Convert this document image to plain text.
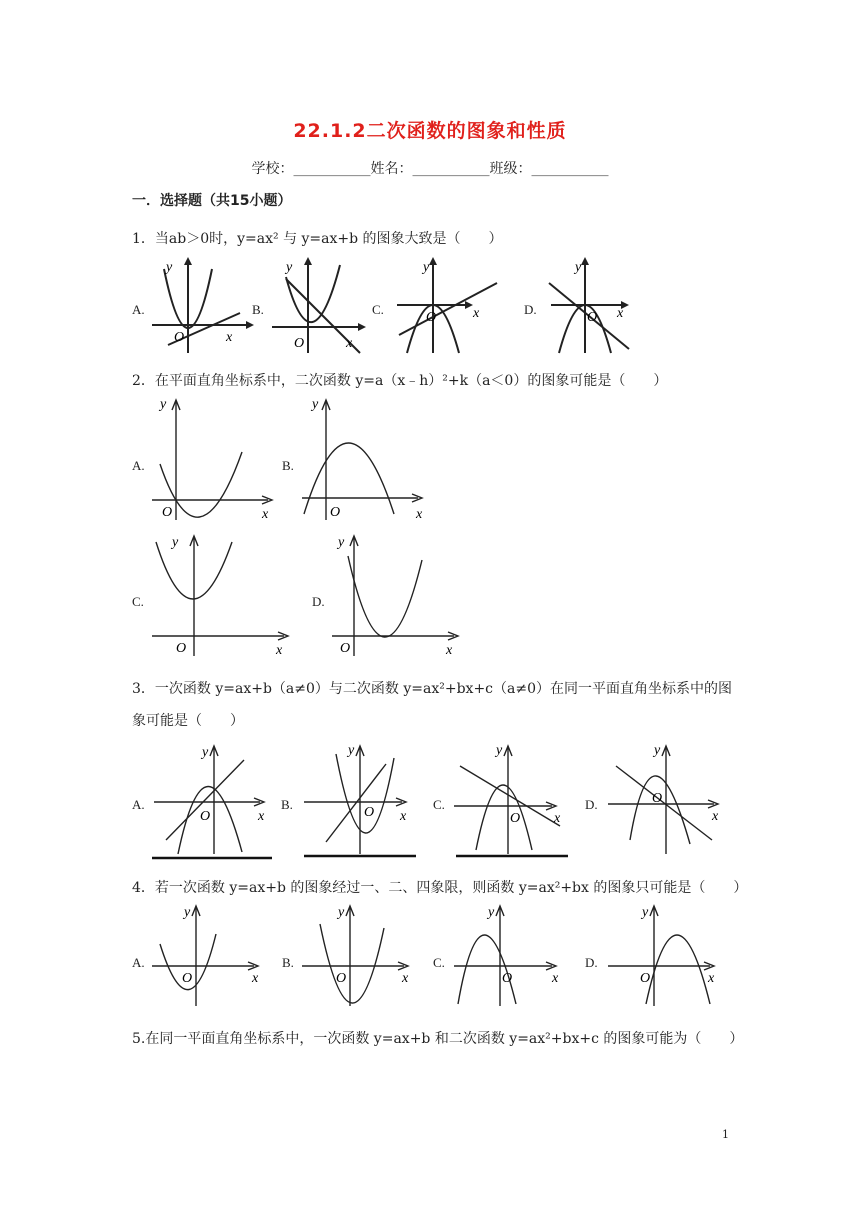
22.1.2二次函数的图象和性质
学校：___________姓名：___________班级：___________
一．选择题（共15小题）
1．当ab＞0时，y=ax² 与 y=ax+b 的图象大致是（　　）
A.	B.	C.	D.
y
O	x
y
O	x
y
O	x
y
O x
2．在平面直角坐标系中，二次函数 y=a（x﹣h）²+k（a＜0）的图象可能是（　　）
A.	B.
C.	D.
y
O	x
y
O	x
y
O	x
y
O	x
3．一次函数 y=ax+b（a≠0）与二次函数 y=ax²+bx+c（a≠0）在同一平面直角坐标系中的图
象可能是（　　）
A.	B.	C.	D.
y
O	x
y
O x
y
O x
y
O
x
4．若一次函数 y=ax+b 的图象经过一、二、四象限，则函数 y=ax²+bx 的图象只可能是（　　）
A.	B.	C.	D.
y
O	x
y
O	x
y
O	x
y
O	x
5.在同一平面直角坐标系中，一次函数 y=ax+b 和二次函数 y=ax²+bx+c 的图象可能为（　　）
1
